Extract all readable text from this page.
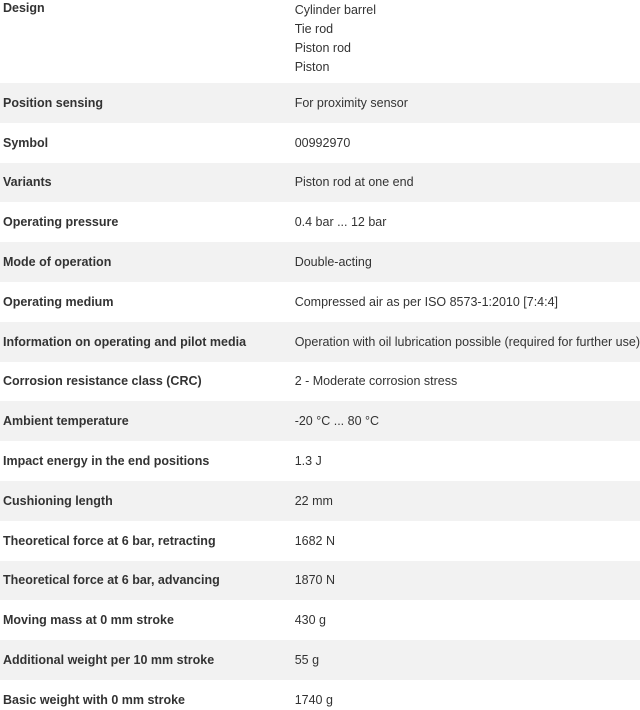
Design	Cylinder barrel
Tie rod
Piston rod
Piston

Position sensing	For proximity sensor
Symbol	00992970
Variants	Piston rod at one end
Operating pressure	0.4 bar ... 12 bar
Mode of operation	Double-acting
Operating medium	Compressed air as per ISO 8573-1:2010 [7:4:4]
Information on operating and pilot media	Operation with oil lubrication possible (required for further use)
Corrosion resistance class (CRC)	2 - Moderate corrosion stress
Ambient temperature	-20 °C ... 80 °C
Impact energy in the end positions	1.3 J
Cushioning length	22 mm
Theoretical force at 6 bar, retracting	1682 N
Theoretical force at 6 bar, advancing	1870 N
Moving mass at 0 mm stroke	430 g
Additional weight per 10 mm stroke	55 g
Basic weight with 0 mm stroke	1740 g
